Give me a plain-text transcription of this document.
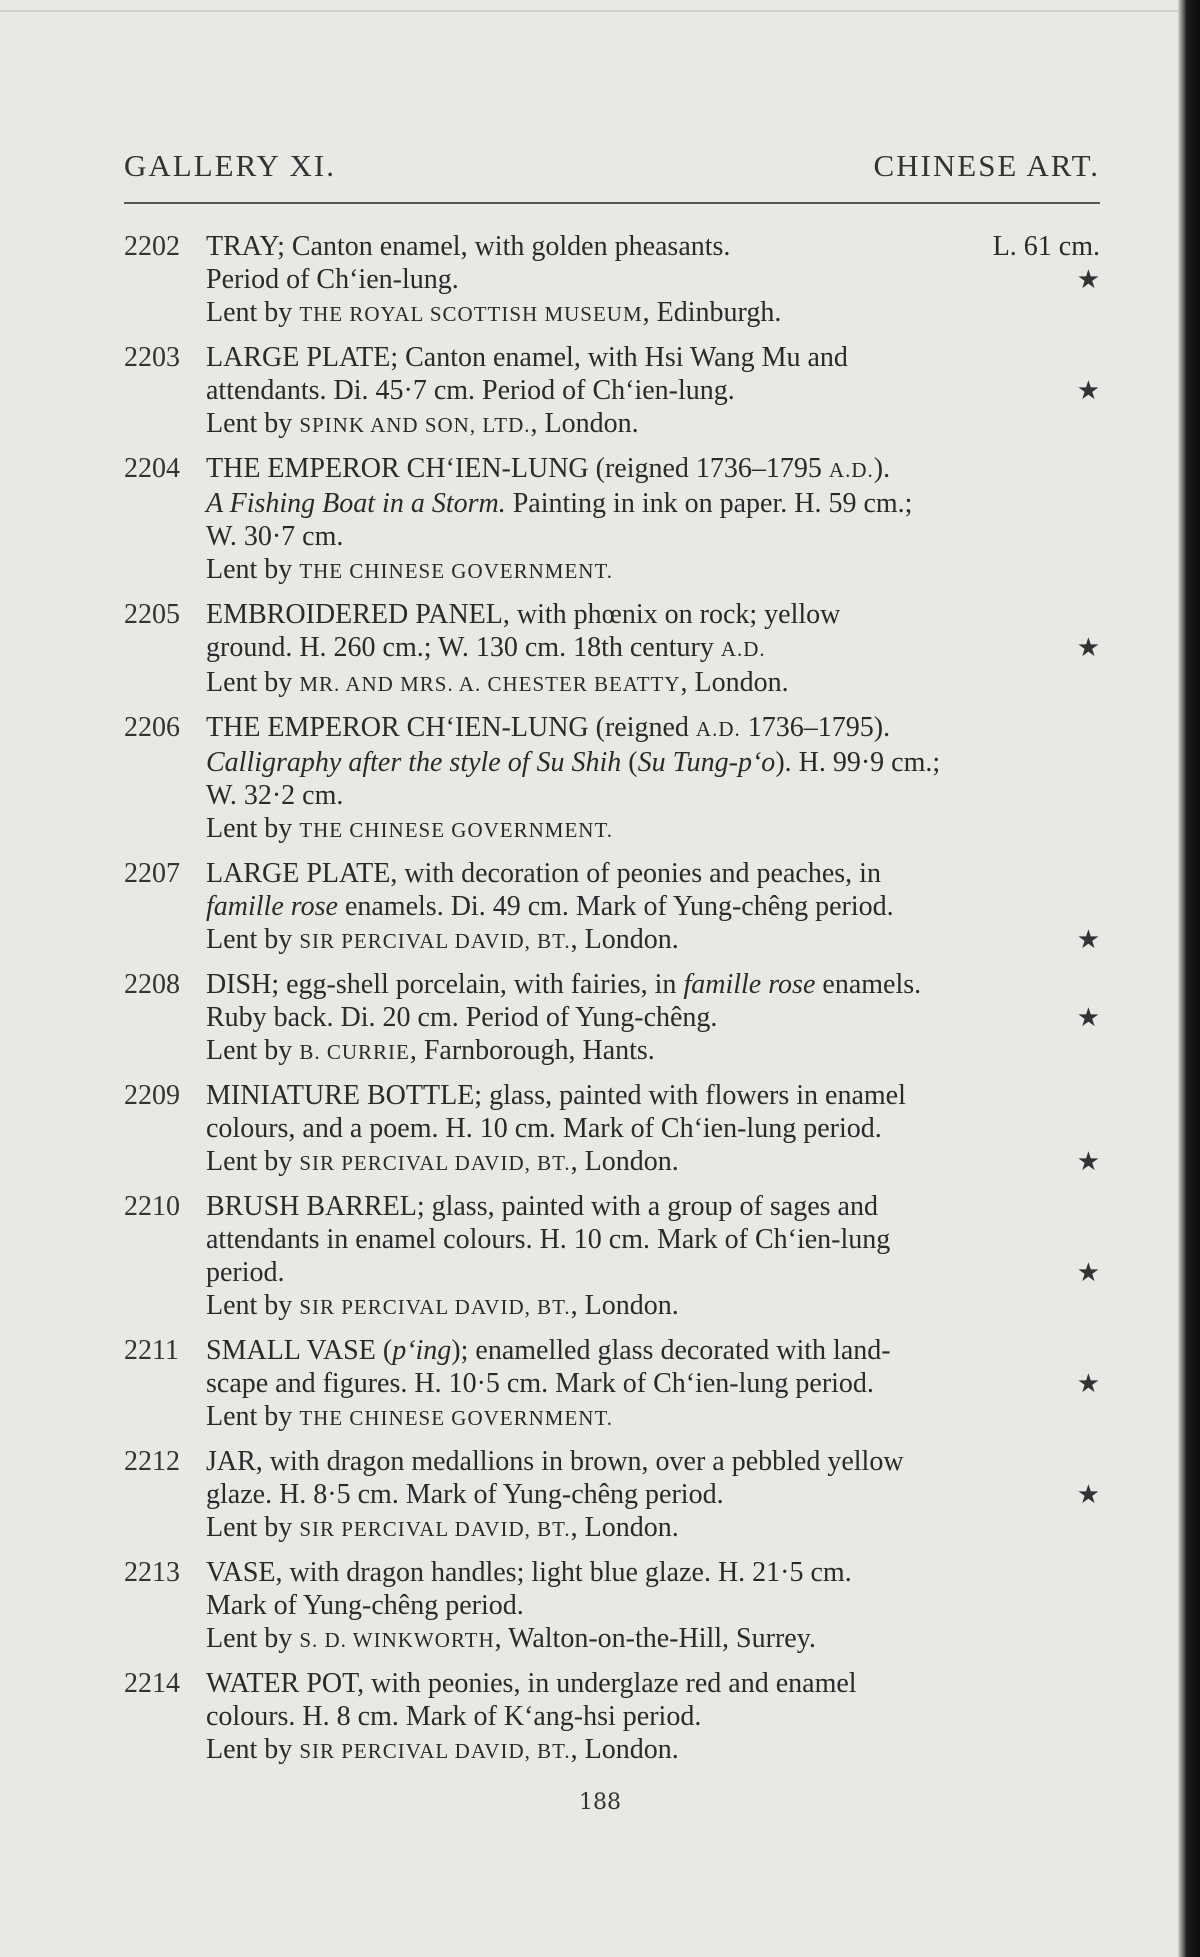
GALLERY XI.	CHINESE ART.
2202 TRAY; Canton enamel, with golden pheasants.	L. 61 cm.
Period of Ch‘ien-lung.	★
Lent by THE ROYAL SCOTTISH MUSEUM, Edinburgh.
2203 LARGE PLATE; Canton enamel, with Hsi Wang Mu and
attendants. Di. 45·7 cm. Period of Ch‘ien-lung.	★
Lent by SPINK AND SON, LTD., London.
2204 THE EMPEROR CH‘IEN-LUNG (reigned 1736–1795 A.D.).
A Fishing Boat in a Storm. Painting in ink on paper. H. 59 cm.;
W. 30·7 cm.
Lent by THE CHINESE GOVERNMENT.
2205 EMBROIDERED PANEL, with phœnix on rock; yellow
ground. H. 260 cm.; W. 130 cm. 18th century A.D.	★
Lent by MR. AND MRS. A. CHESTER BEATTY, London.
2206 THE EMPEROR CH‘IEN-LUNG (reigned A.D. 1736–1795).
Calligraphy after the style of Su Shih (Su Tung-p‘o). H. 99·9 cm.;
W. 32·2 cm.
Lent by THE CHINESE GOVERNMENT.
2207 LARGE PLATE, with decoration of peonies and peaches, in
famille rose enamels. Di. 49 cm. Mark of Yung-chêng period.
Lent by SIR PERCIVAL DAVID, BT., London.	★
2208 DISH; egg-shell porcelain, with fairies, in famille rose enamels.
Ruby back. Di. 20 cm. Period of Yung-chêng.	★
Lent by B. CURRIE, Farnborough, Hants.
2209 MINIATURE BOTTLE; glass, painted with flowers in enamel
colours, and a poem. H. 10 cm. Mark of Ch‘ien-lung period.
Lent by SIR PERCIVAL DAVID, BT., London.	★
2210 BRUSH BARREL; glass, painted with a group of sages and
attendants in enamel colours. H. 10 cm. Mark of Ch‘ien-lung
period.	★
Lent by SIR PERCIVAL DAVID, BT., London.
2211 SMALL VASE (p‘ing); enamelled glass decorated with land-
scape and figures. H. 10·5 cm. Mark of Ch‘ien-lung period.	★
Lent by THE CHINESE GOVERNMENT.
2212 JAR, with dragon medallions in brown, over a pebbled yellow
glaze. H. 8·5 cm. Mark of Yung-chêng period.	★
Lent by SIR PERCIVAL DAVID, BT., London.
2213 VASE, with dragon handles; light blue glaze. H. 21·5 cm.
Mark of Yung-chêng period.
Lent by S. D. WINKWORTH, Walton-on-the-Hill, Surrey.
2214 WATER POT, with peonies, in underglaze red and enamel
colours. H. 8 cm. Mark of K‘ang-hsi period.
Lent by SIR PERCIVAL DAVID, BT., London.
188
